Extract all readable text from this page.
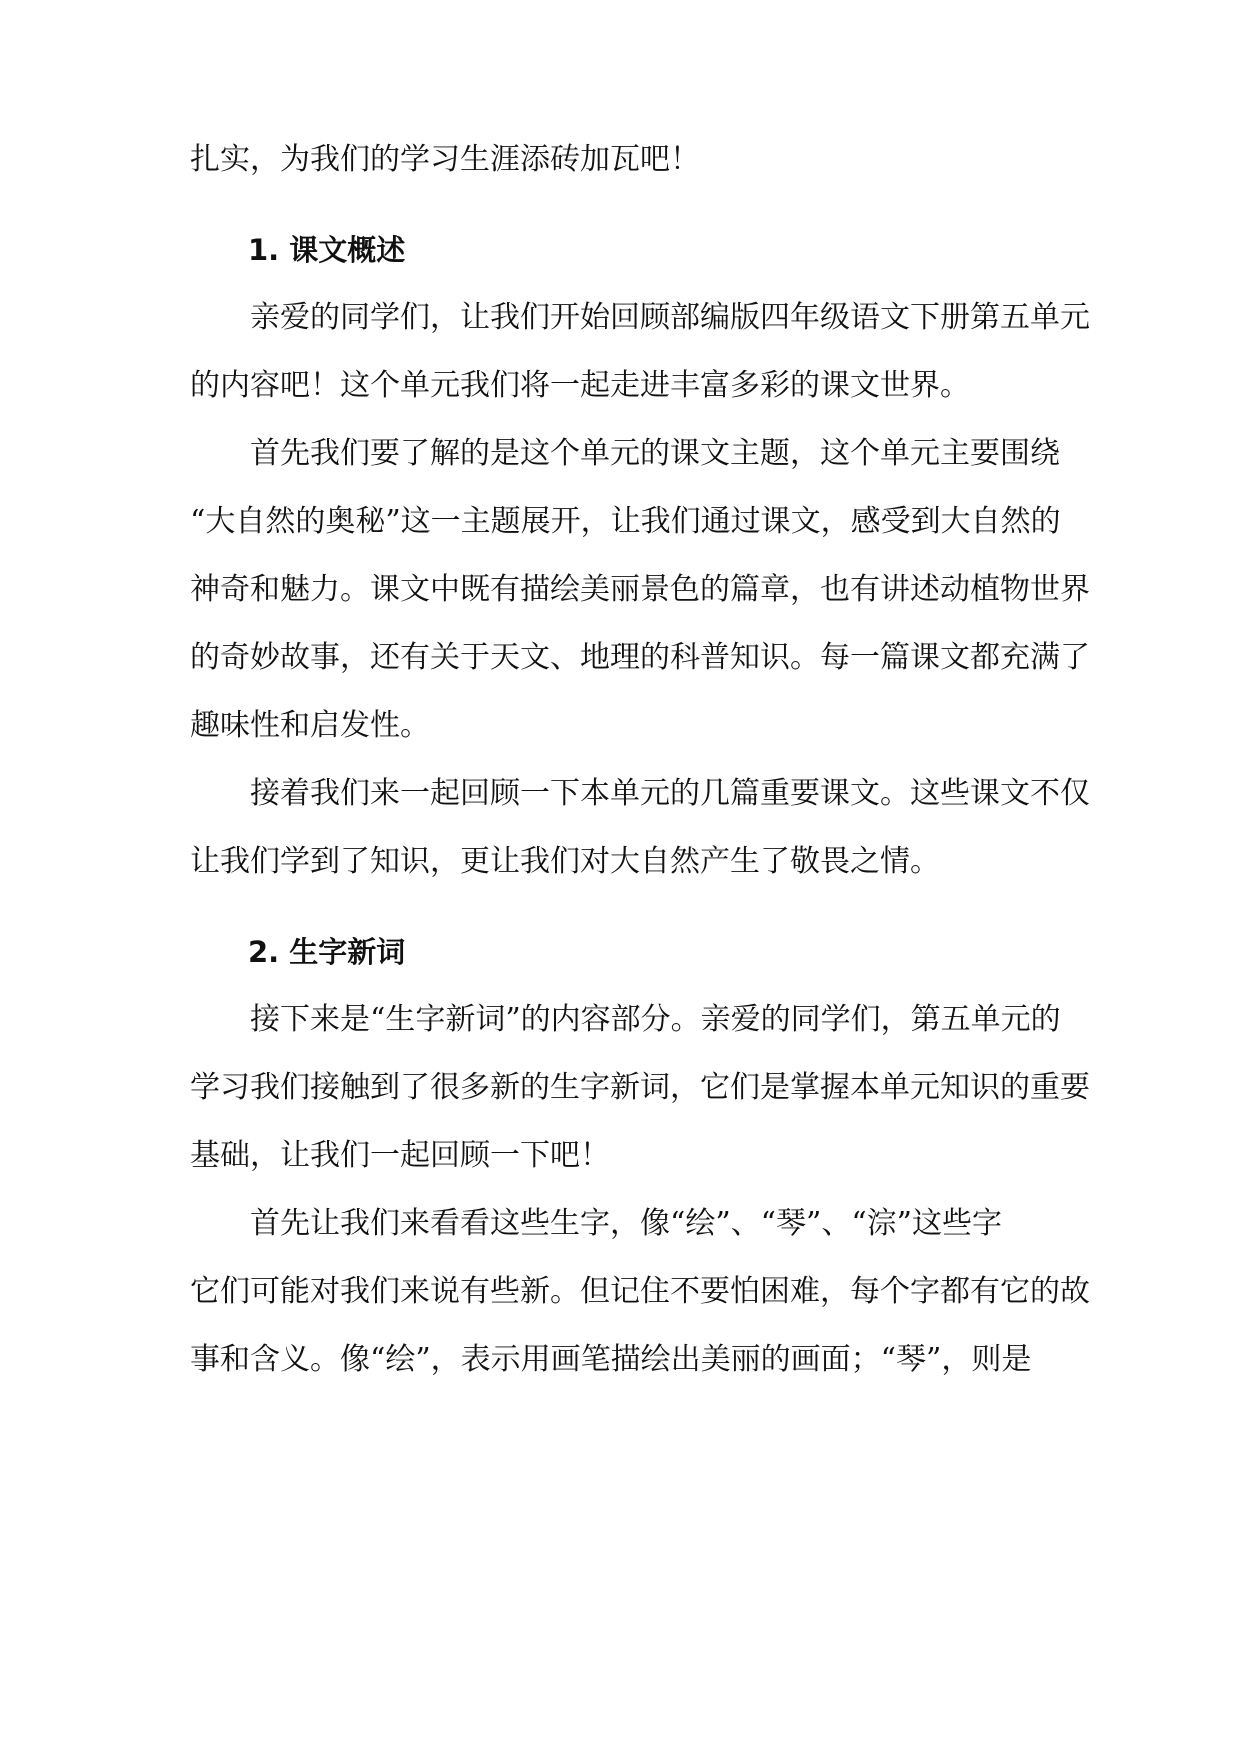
扎实，为我们的学习生涯添砖加瓦吧！
1. 课文概述
亲爱的同学们，让我们开始回顾部编版四年级语文下册第五单元
的内容吧！这个单元我们将一起走进丰富多彩的课文世界。
首先我们要了解的是这个单元的课文主题，这个单元主要围绕
“大自然的奥秘”这一主题展开，让我们通过课文，感受到大自然的
神奇和魅力。课文中既有描绘美丽景色的篇章，也有讲述动植物世界
的奇妙故事，还有关于天文、地理的科普知识。每一篇课文都充满了
趣味性和启发性。
接着我们来一起回顾一下本单元的几篇重要课文。这些课文不仅
让我们学到了知识，更让我们对大自然产生了敬畏之情。
2. 生字新词
接下来是“生字新词”的内容部分。亲爱的同学们，第五单元的
学习我们接触到了很多新的生字新词，它们是掌握本单元知识的重要
基础，让我们一起回顾一下吧！
首先让我们来看看这些生字，像“绘”、“琴”、“淙”这些字
它们可能对我们来说有些新。但记住不要怕困难，每个字都有它的故
事和含义。像“绘”，表示用画笔描绘出美丽的画面；“琴”，则是
